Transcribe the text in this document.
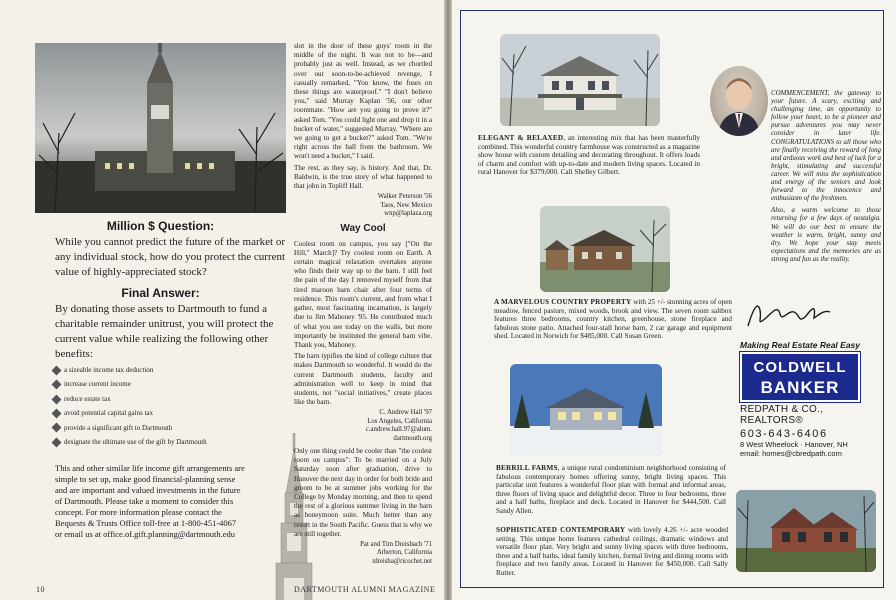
Million $ Question:
While you cannot predict the future of the market or any individual stock, how do you protect the current value of highly-appreciated stock?
Final Answer:
By donating those assets to Dartmouth to fund a charitable remainder unitrust, you will protect the current value while realizing the following other benefits:
a sizeable income tax deduction
increase current income
reduce estate tax
avoid potential capital gains tax
provide a significant gift to Dartmouth
designate the ultimate use of the gift by Dartmouth
This and other similar life income gift arrangements are simple to set up, make good financial-planning sense and are important and valued investments in the future of Dartmouth. Please take a moment to consider this concept. For more information please contact the Bequests & Trusts Office toll-free at 1-800-451-4067 or email us at office.of.gift.planning@dartmouth.edu

slot in the door of these guys' room in the middle of the night. It was not to be—and probably just as well. Instead, as we chortled over our soon-to-be-achieved revenge, I casually remarked, "You know, the fuses on these things are waterproof." "I don't believe you," said Murray Kaplan '56, our other roommate. "How are you going to prove it?" asked Tom. "You could light one and drop it in a bucket of water," suggested Murray. "Where are we going to get a bucket?" asked Tom. "We're right across the hall from the bathroom. We won't need a bucket," I said.

The rest, as they say, is history. And that, Dr. Baldwin, is the true story of what happened to that john in Topliff Hall.

Walker Peterson '56
Taos, New Mexico
wnp@laplaza.org
Way Cool

Coolest room on campus, you say ["On the Hill," March]? Try coolest room on Earth. A certain magical relaxation overtakes anyone who finds their way up to the barn. I still feel the pain of the day I removed myself from that tired maroon barn chair after four terms of residence. This room's current, and from what I gather, most fascinating incarnation, is largely due to Jim Mahoney '95. He contributed much of what you see today on the walls, but more importantly he instituted the general barn vibe. Thank you, Mahoney.

The barn typifies the kind of college culture that makes Dartmouth so wonderful. It would do the current Dartmouth students, faculty and administration well to keep in mind that students, not "social initiatives," create places like the barn.

C. Andrew Hall '97
Los Angeles, California
c.andrew.hall.97@alum.
dartmouth.org

Only one thing could be cooler than "the coolest room on campus": To be married on a July Saturday soon after graduation, drive to Hanover the next day in order for both bride and groom to be at summer jobs working for the College by Monday morning, and then to spend the rest of a glorious summer living in the barn as honeymoon suite. Much better than any resort in the South Pacific. Guess that is why we are still together.

Pat and Tim Dreisbach '71
Atherton, California
tdreisba@ricochet.net
10	DARTMOUTH ALUMNI MAGAZINE
ELEGANT & RELAXED, an interesting mix that has been masterfully combined. This wonderful country farmhouse was constructed as a magazine show house with custom detailing and decorating throughout. It offers loads of charm and comfort with up-to-date and modern living spaces. Located in rural Hanover for $379,000. Call Shelley Gilbert.

COMMENCEMENT, the gateway to your future. A scary, exciting and challenging time, an opportunity to follow your heart, to be a pioneer and pursue adventures you may never consider in later life. CONGRATULATIONS to all those who are finally receiving the reward of long and arduous work and best of luck for a bright, stimulating and successful career. We will miss the sophistication and energy of the seniors and look forward to the innocence and enthusiasm of the freshmen.

Also, a warm welcome to those returning for a few days of nostalgia. We will do our best to ensure the weather is warm, bright, sunny and dry. We hope your stay meets expectations and the memories are as strong and fun as the reality.

A MARVELOUS COUNTRY PROPERTY with 25 +/- stunning acres of open meadow, fenced pasture, mixed woods, brook and view. The seven room saltbox features three bedrooms, country kitchen, greenhouse, stone fireplace and fabulous stone patio. Attached four-stall horse barn, 2 car garage and equipment shed. Located in Norwich for $485,000. Call Susan Green.
Making Real Estate Real Easy
COLDWELL
BANKER
REDPATH & CO., REALTORS®
603-643-6406
8 West Wheelock · Hanover, NH
email: homes@cbredpath.com
BERRILL FARMS, a unique rural condominium neighborhood consisting of fabulous contemporary homes offering sunny, bright living spaces. This particular unit features a wonderful floor plan with formal and informal areas, three floors of living space and delightful decor. Three to four bedrooms, three and a half baths, fireplace and deck. Located in Hanover for $444,500. Call Sandy Allen.
SOPHISTICATED CONTEMPORARY with lovely 4.26 +/- acre wooded setting. This unique home features cathedral ceilings, dramatic windows and versatile floor plan. Very bright and sunny living spaces with three bedrooms, three and a half baths, ideal family kitchen, formal living and dining rooms with fireplace and two family areas. Located in Hanover for $450,000. Call Sally Rutter.
